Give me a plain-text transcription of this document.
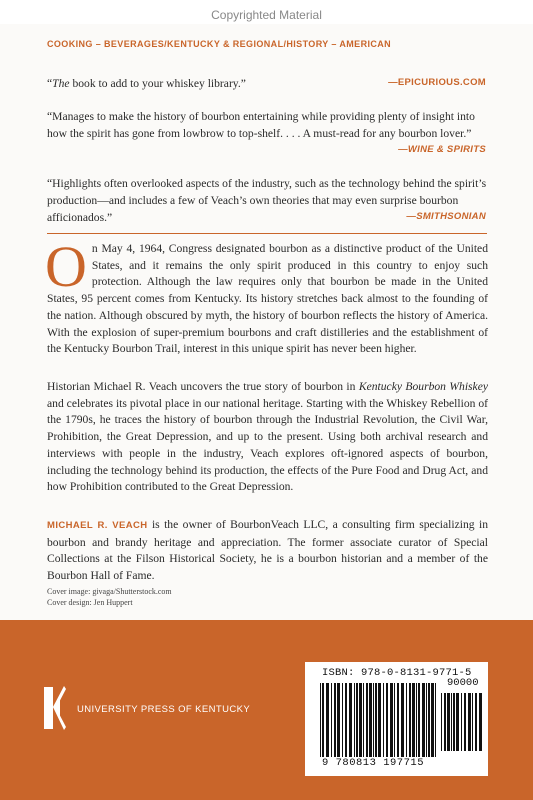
Copyrighted Material
COOKING – BEVERAGES/KENTUCKY & REGIONAL/HISTORY – AMERICAN
“The book to add to your whiskey library.”	—EPICURIOUS.COM
“Manages to make the history of bourbon entertaining while providing plenty of insight into how the spirit has gone from lowbrow to top-shelf. . . . A must-read for any bourbon lover.”
—WINE & SPIRITS
“Highlights often overlooked aspects of the industry, such as the technology behind the spirit’s production—and includes a few of Veach’s own theories that may even surprise bourbon afficionados.”	—SMITHSONIAN
On May 4, 1964, Congress designated bourbon as a distinctive product of the United States, and it remains the only spirit produced in this country to enjoy such protection. Although the law requires only that bourbon be made in the United States, 95 percent comes from Kentucky. Its history stretches back almost to the founding of the nation. Although obscured by myth, the history of bourbon reflects the history of America. With the explosion of super-premium bourbons and craft distilleries and the establishment of the Kentucky Bourbon Trail, interest in this unique spirit has never been higher.
Historian Michael R. Veach uncovers the true story of bourbon in Kentucky Bourbon Whiskey and celebrates its pivotal place in our national heritage. Starting with the Whiskey Rebellion of the 1790s, he traces the history of bourbon through the Industrial Revolution, the Civil War, Prohibition, the Great Depression, and up to the present. Using both archival research and interviews with people in the industry, Veach explores oft-ignored aspects of bourbon, including the technology behind its production, the effects of the Pure Food and Drug Act, and how Prohibition contributed to the Great Depression.
MICHAEL R. VEACH is the owner of BourbonVeach LLC, a consulting firm specializing in bourbon and brandy heritage and appreciation. The former associate curator of Special Collections at the Filson Historical Society, he is a bourbon historian and a member of the Bourbon Hall of Fame.
Cover image: givaga/Shutterstock.com
Cover design: Jen Huppert
UNIVERSITY PRESS OF KENTUCKY
ISBN: 978-0-8131-9771-5
9 780813 197715
90000
